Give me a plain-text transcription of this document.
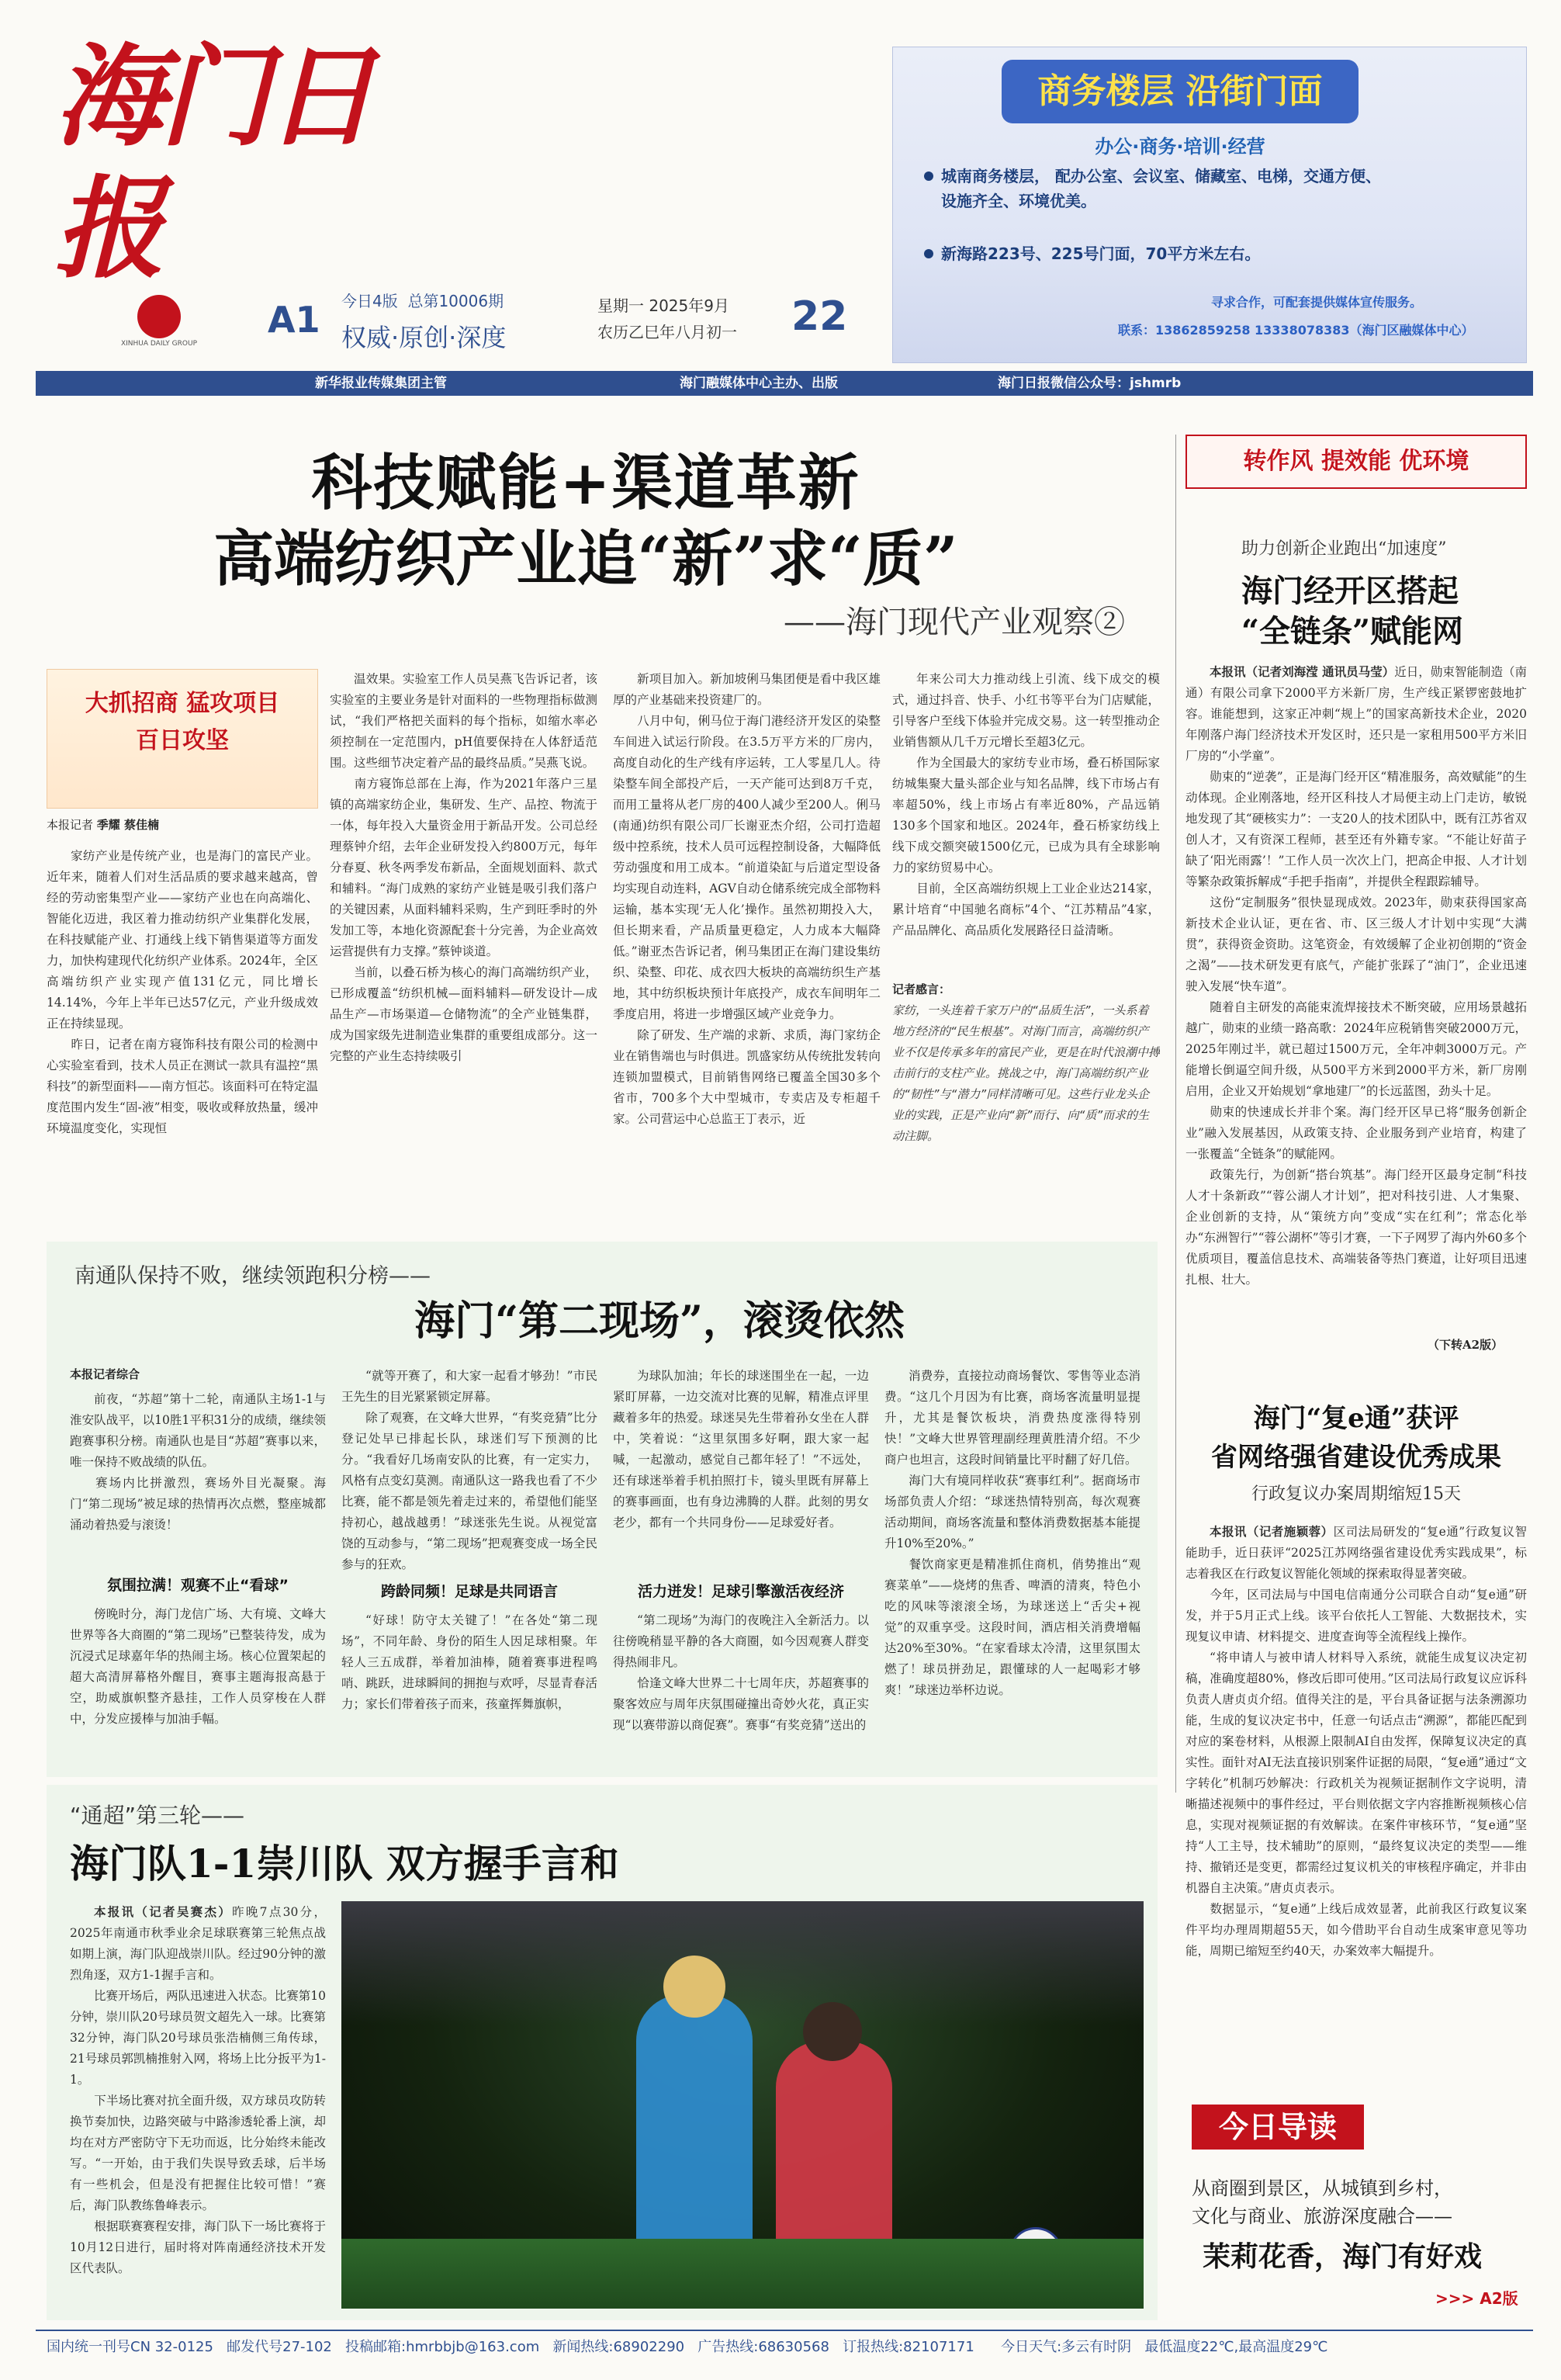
海门日报
XINHUA DAILY GROUP
A1 今日4版 总第10006期
权威·原创·深度
星期一 2025年9月
农历乙巳年八月初一 22
商务楼层 沿街门面
办公·商务·培训·经营
城南商务楼层， 配办公室、会议室、储藏室、电梯，交通方便、设施齐全、环境优美。
新海路223号、225号门面，70平方米左右。
寻求合作，可配套提供媒体宣传服务。
联系：13862859258 13338078383（海门区融媒体中心）
新华报业传媒集团主管	海门融媒体中心主办、出版	海门日报微信公众号：jshmrb
科技赋能+渠道革新
高端纺织产业追“新”求“质”
——海门现代产业观察②
大抓招商 猛攻项目 百日攻坚
本报记者 季耀 蔡佳楠
家纺产业是传统产业，也是海门的富民产业。近年来，随着人们对生活品质的要求越来越高，曾经的劳动密集型产业——家纺产业也在向高端化、智能化迈进，我区着力推动纺织产业集群化发展，在科技赋能产业、打通线上线下销售渠道等方面发力，加快构建现代化纺织产业体系。2024年，全区高端纺织产业实现产值131亿元，同比增长14.14%，今年上半年已达57亿元，产业升级成效正在持续显现。
  昨日，记者在南方寝饰科技有限公司的检测中心实验室看到，技术人员正在测试一款具有温控“黑科技”的新型面料——南方恒芯。该面料可在特定温度范围内发生“固-液”相变，吸收或释放热量，缓冲环境温度变化，实现恒
温效果。实验室工作人员吴燕飞告诉记者，该实验室的主要业务是针对面料的一些物理指标做测试，“我们严格把关面料的每个指标，如缩水率必须控制在一定范围内，pH值要保持在人体舒适范围。这些细节决定着产品的最终品质。”吴燕飞说。
  南方寝饰总部在上海，作为2021年落户三星镇的高端家纺企业，集研发、生产、品控、物流于一体，每年投入大量资金用于新品开发。公司总经理蔡钟介绍，去年企业研发投入约800万元，每年分春夏、秋冬两季发布新品，全面规划面料、款式和辅料。“海门成熟的家纺产业链是吸引我们落户的关键因素，从面料辅料采购，生产到旺季时的外发加工等，本地化资源配套十分完善，为企业高效运营提供有力支撑。”蔡钟谈道。
  当前，以叠石桥为核心的海门高端纺织产业，已形成覆盖“纺织机械—面料辅料—研发设计—成品生产—市场渠道—仓储物流”的全产业链集群，成为国家级先进制造业集群的重要组成部分。这一完整的产业生态持续吸引
新项目加入。新加坡俐马集团便是看中我区雄厚的产业基础来投资建厂的。
  八月中旬，俐马位于海门港经济开发区的染整车间进入试运行阶段。在3.5万平方米的厂房内，高度自动化的生产线有序运转，工人零星几人。待染整车间全部投产后，一天产能可达到8万千克，而用工量将从老厂房的400人减少至200人。俐马(南通)纺织有限公司厂长谢亚杰介绍，公司打造超级中控系统，技术人员可远程控制设备，大幅降低劳动强度和用工成本。“前道染缸与后道定型设备均实现自动连料，AGV自动仓储系统完成全部物料运输，基本实现‘无人化’操作。虽然初期投入大，但长期来看，产品质量更稳定，人力成本大幅降低。”谢亚杰告诉记者，俐马集团正在海门建设集纺织、染整、印花、成衣四大板块的高端纺织生产基地，其中纺织板块预计年底投产，成衣车间明年二季度启用，将进一步增强区域产业竞争力。
  除了研发、生产端的求新、求质，海门家纺企业在销售端也与时俱进。凯盛家纺从传统批发转向连锁加盟模式，目前销售网络已覆盖全国30多个省市，700多个大中型城市，专卖店及专柜超千家。公司营运中心总监王丁表示，近
年来公司大力推动线上引流、线下成交的模式，通过抖音、快手、小红书等平台为门店赋能，引导客户至线下体验并完成交易。这一转型推动企业销售额从几千万元增长至超3亿元。
  作为全国最大的家纺专业市场，叠石桥国际家纺城集聚大量头部企业与知名品牌，线下市场占有率超50%，线上市场占有率近80%，产品远销130多个国家和地区。2024年，叠石桥家纺线上线下成交额突破1500亿元，已成为具有全球影响力的家纺贸易中心。
  目前，全区高端纺织规上工业企业达214家，累计培育“中国驰名商标”4个、“江苏精品”4家，产品品牌化、高品质化发展路径日益清晰。
记者感言：
家纺，一头连着千家万户的“品质生活”，一头系着地方经济的“民生根基”。对海门而言，高端纺织产业不仅是传承多年的富民产业，更是在时代浪潮中搏击前行的支柱产业。挑战之中，海门高端纺织产业的“韧性”与“潜力”同样清晰可见。这些行业龙头企业的实践，正是产业向“新”而行、向“质”而求的生动注脚。
南通队保持不败，继续领跑积分榜——
海门“第二现场”，滚烫依然
本报记者综合

前夜，“苏超”第十二轮，南通队主场1-1与淮安队战平，以10胜1平积31分的成绩，继续领跑赛事积分榜。南通队也是目“苏超”赛事以来，唯一保持不败战绩的队伍。
  赛场内比拼激烈，赛场外目光凝聚。海门“第二现场”被足球的热情再次点燃，整座城都涌动着热爱与滚烫！

氛围拉满！观赛不止“看球”

傍晚时分，海门龙信广场、大有境、文峰大世界等各大商圈的“第二现场”已整装待发，成为沉浸式足球嘉年华的热闹主场。核心位置架起的超大高清屏幕格外醒目，赛事主题海报高悬于空，助威旗帜整齐悬挂，工作人员穿梭在人群中，分发应援棒与加油手幅。

“就等开赛了，和大家一起看才够劲！”市民王先生的目光紧紧锁定屏幕。
  除了观赛，在文峰大世界，“有奖竞猜”比分登记处早已排起长队，球迷们写下预测的比分。“我看好几场南安队的比赛，有一定实力，风格有点变幻莫测。南通队这一路我也看了不少比赛，能不都是领先着走过来的，希望他们能坚持初心，越战越勇！”球迷张先生说。从视觉富饶的互动参与，“第二现场”把观赛变成一场全民参与的狂欢。

跨龄同频！足球是共同语言

“好球！防守太关键了！”在各处“第二现场”，不同年龄、身份的陌生人因足球相聚。年轻人三五成群，举着加油棒，随着赛事进程鸣哨、跳跃，进球瞬间的拥抱与欢呼，尽显青春活力；家长们带着孩子而来，孩童挥舞旗帜，

为球队加油；年长的球迷围坐在一起，一边紧盯屏幕，一边交流对比赛的见解，精准点评里藏着多年的热爱。球迷吴先生带着孙女坐在人群中，笑着说：“这里氛围多好啊，跟大家一起喊，一起激动，感觉自己都年轻了！”不远处，还有球迷举着手机拍照打卡，镜头里既有屏幕上的赛事画面，也有身边沸腾的人群。此刻的男女老少，都有一个共同身份——足球爱好者。

活力迸发！足球引擎激活夜经济

“第二现场”为海门的夜晚注入全新活力。以往傍晚稍显平静的各大商圈，如今因观赛人群变得热闹非凡。
  恰逢文峰大世界二十七周年庆，苏超赛事的聚客效应与周年庆氛围碰撞出奇妙火花，真正实现“以赛带游以商促赛”。赛事“有奖竞猜”送出的

消费券，直接拉动商场餐饮、零售等业态消费。“这几个月因为有比赛，商场客流量明显提升，尤其是餐饮板块，消费热度涨得特别快！”文峰大世界管理副经理黄胜清介绍。不少商户也坦言，这段时间销量比平时翻了好几倍。
  海门大有境同样收获“赛事红利”。据商场市场部负责人介绍：“球迷热情特别高，每次观赛活动期间，商场客流量和整体消费数据基本能提升10%至20%。”
  餐饮商家更是精准抓住商机，俏势推出“观赛菜单”——烧烤的焦香、啤酒的清爽，特色小吃的风味等滚滚全场，为球迷送上“舌尖+视觉”的双重享受。这段时间，酒店相关消费增幅达20%至30%。“在家看球太冷清，这里氛围太燃了！球员拼劲足，跟懂球的人一起喝彩才够爽！”球迷边举杯边说。
“通超”第三轮——
海门队1-1崇川队 双方握手言和
本报讯（记者吴赛杰）昨晚7点30分，2025年南通市秋季业余足球联赛第三轮焦点战如期上演，海门队迎战崇川队。经过90分钟的激烈角逐，双方1-1握手言和。
  比赛开场后，两队迅速进入状态。比赛第10分钟，崇川队20号球员贺文超先入一球。比赛第32分钟，海门队20号球员张浩楠侧三角传球，21号球员郭凯楠推射入网，将场上比分扳平为1-1。
  下半场比赛对抗全面升级，双方球员攻防转换节奏加快，边路突破与中路渗透轮番上演，却均在对方严密防守下无功而返，比分始终未能改写。“一开始，由于我们失误导致丢球，后半场有一些机会，但是没有把握住比较可惜！”赛后，海门队教练鲁峰表示。
  根据联赛赛程安排，海门队下一场比赛将于10月12日进行，届时将对阵南通经济技术开发区代表队。
转作风 提效能 优环境
助力创新企业跑出“加速度”
海门经开区搭起
“全链条”赋能网
本报讯（记者刘海滢 通讯员马莹）近日，勋束智能制造（南通）有限公司拿下2000平方米新厂房，生产线正紧锣密鼓地扩容。谁能想到，这家正冲刺“规上”的国家高新技术企业，2020年刚落户海门经济技术开发区时，还只是一家租用500平方米旧厂房的“小学童”。
  勋束的“逆袭”，正是海门经开区“精准服务，高效赋能”的生动体现。企业刚落地，经开区科技人才局便主动上门走访，敏锐地发现了其“硬核实力”：一支20人的技术团队中，既有江苏省双创人才，又有资深工程师，甚至还有外籍专家。“不能让好苗子缺了‘阳光雨露’！”工作人员一次次上门，把高企申报、人才计划等繁杂政策拆解成“手把手指南”，并提供全程跟踪辅导。
  这份“定制服务”很快显现成效。2023年，勋束获得国家高新技术企业认证，更在省、市、区三级人才计划中实现“大满贯”，获得资金资助。这笔资金，有效缓解了企业初创期的“资金之渴”——技术研发更有底气，产能扩张踩了“油门”，企业迅速驶入发展“快车道”。
  随着自主研发的高能束流焊接技术不断突破，应用场景越拓越广，勋束的业绩一路高歌：2024年应税销售突破2000万元，2025年刚过半，就已超过1500万元，全年冲刺3000万元。产能增长倒逼空间升级，从500平方米到2000平方米，新厂房刚启用，企业又开始规划“拿地建厂”的长远蓝图，劲头十足。
  勋束的快速成长并非个案。海门经开区早已将“服务创新企业”融入发展基因，从政策支持、企业服务到产业培育，构建了一张覆盖“全链条”的赋能网。
  政策先行，为创新“搭台筑基”。海门经开区最身定制“科技人才十条新政”“蓉公湖人才计划”，把对科技引进、人才集聚、企业创新的支持，从“策统方向”变成“实在红利”；常态化举办“东洲智行”“蓉公湖杯”等引才赛，一下子网罗了海内外60多个优质项目，覆盖信息技术、高端装备等热门赛道，让好项目迅速扎根、壮大。
（下转A2版）
海门“复e通”获评
省网络强省建设优秀成果
行政复议办案周期缩短15天
本报讯（记者施颖蓉）区司法局研发的“复e通”行政复议智能助手，近日获评“2025江苏网络强省建设优秀实践成果”，标志着我区在行政复议智能化领域的探索取得显著突破。
  今年，区司法局与中国电信南通分公司联合自动“复e通”研发，并于5月正式上线。该平台依托人工智能、大数据技术，实现复议申请、材料提交、进度查询等全流程线上操作。
  “将申请人与被申请人材料导入系统，就能生成复议决定初稿，准确度超80%，修改后即可使用。”区司法局行政复议应诉科负责人唐贞贞介绍。值得关注的是，平台具备证据与法条溯源功能，生成的复议决定书中，任意一句话点击“溯源”，都能匹配到对应的案卷材料，从根源上限制AI自由发挥，保障复议决定的真实性。面针对AI无法直接识别案件证据的局限，“复e通”通过“文字转化”机制巧妙解决：行政机关为视频证据制作文字说明，清晰描述视频中的事件经过，平台则依据文字内容推断视频核心信息，实现对视频证据的有效解读。在案件审核环节，“复e通”坚持“人工主导，技术辅助”的原则，“最终复议决定的类型——维持、撤销还是变更，都需经过复议机关的审核程序确定，并非由机器自主决策。”唐贞贞表示。
  数据显示，“复e通”上线后成效显著，此前我区行政复议案件平均办理周期超55天，如今借助平台自动生成案审意见等功能，周期已缩短至约40天，办案效率大幅提升。
今日导读
从商圈到景区，从城镇到乡村，
文化与商业、旅游深度融合——
茉莉花香，海门有好戏
>>> A2版
国内统一刊号CN 32-0125   邮发代号27-102   投稿邮箱:hmrbbjb@163.com   新闻热线:68902290   广告热线:68630568   订报热线:82107171      今日天气:多云有时阴   最低温度22℃,最高温度29℃
